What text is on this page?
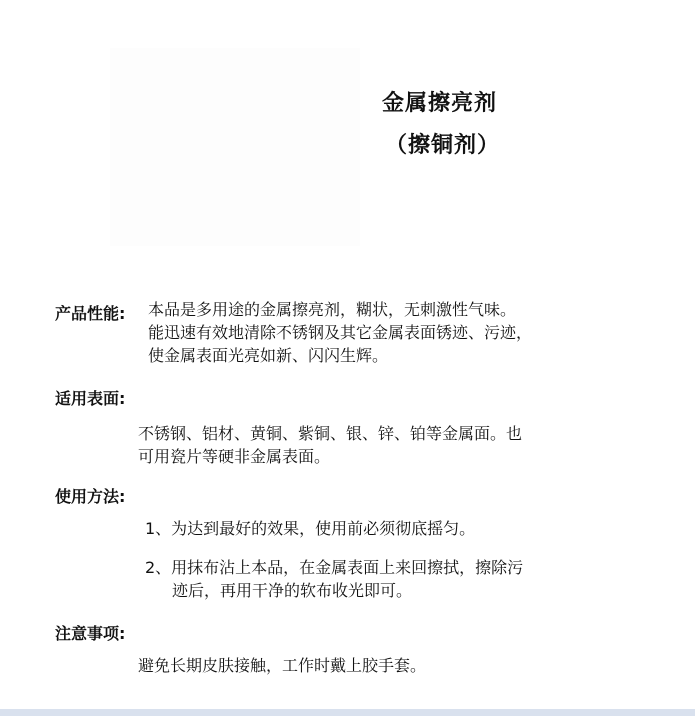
金属擦亮剂
（擦铜剂）
产品性能: 本品是多用途的金属擦亮剂，糊状，无刺激性气味。
能迅速有效地清除不锈钢及其它金属表面锈迹、污迹，
使金属表面光亮如新、闪闪生辉。
适用表面:
不锈钢、铝材、黄铜、紫铜、银、锌、铂等金属面。也
可用瓷片等硬非金属表面。
使用方法:
1、为达到最好的效果，使用前必须彻底摇匀。
2、用抹布沾上本品，在金属表面上来回擦拭，擦除污
迹后，再用干净的软布收光即可。
注意事项:
避免长期皮肤接触，工作时戴上胶手套。
